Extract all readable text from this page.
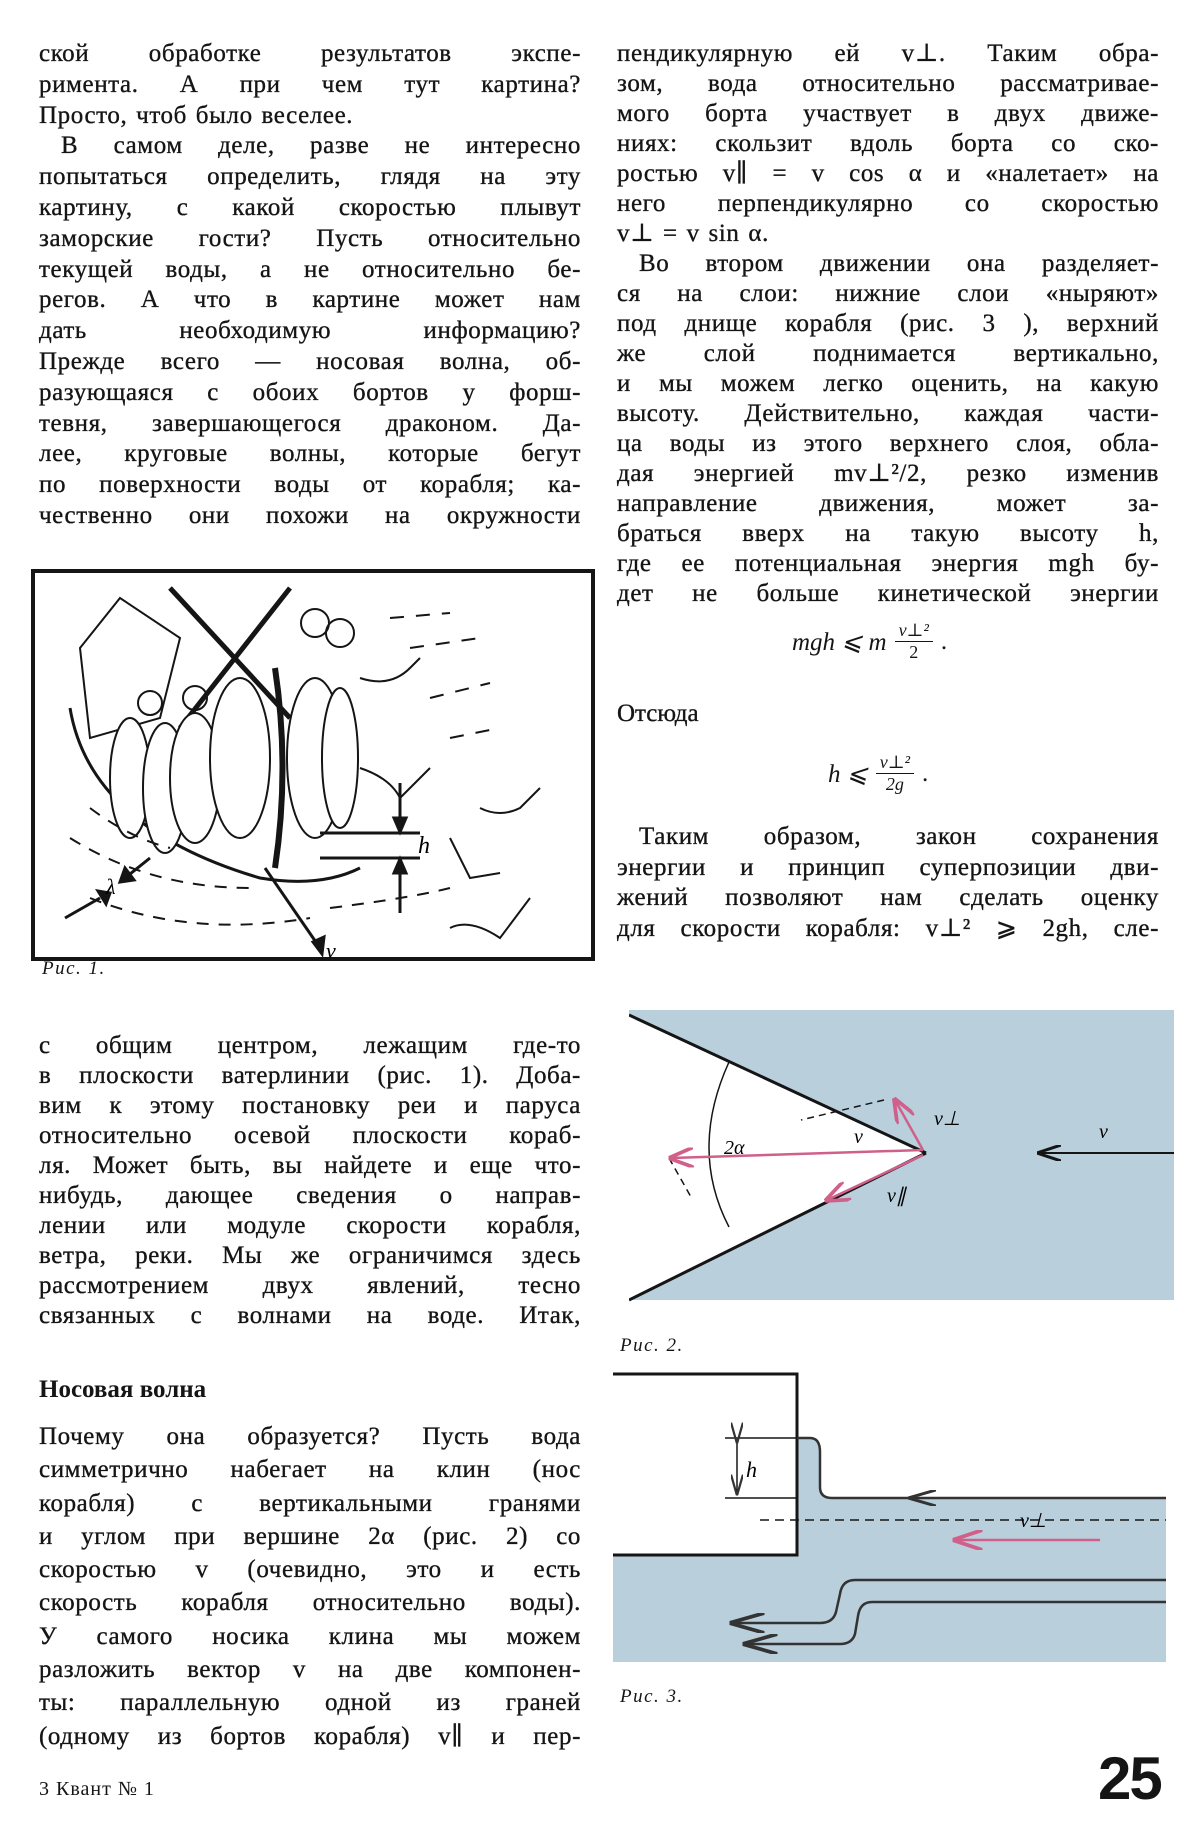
ской обработке результатов экспе-
римента. А при чем тут картина?
Просто, чтоб было веселее.
В самом деле, разве не интересно
попытаться определить, глядя на эту
картину, с какой скоростью плывут
заморские гости? Пусть относительно
текущей воды, а не относительно бе-
регов. А что в картине может нам
дать необходимую информацию?
Прежде всего — носовая волна, об-
разующаяся с обоих бортов у форш-
тевня, завершающегося драконом. Да-
лее, круговые волны, которые бегут
по поверхности воды от корабля; ка-
чественно они похожи на окружности
h
v
λ
Рис. 1.
с общим центром, лежащим где-то
в плоскости ватерлинии (рис. 1). Доба-
вим к этому постановку реи и паруса
относительно осевой плоскости кораб-
ля. Может быть, вы найдете и еще что-
нибудь, дающее сведения о направ-
лении или модуле скорости корабля,
ветра, реки. Мы же ограничимся здесь
рассмотрением двух явлений, тесно
связанных с волнами на воде. Итак,
Носовая волна
Почему она образуется? Пусть вода
симметрично набегает на клин (нос
корабля) с вертикальными гранями
и углом при вершине 2α (рис. 2) со
скоростью v (очевидно, это и есть
скорость корабля относительно воды).
У самого носика клина мы можем
разложить вектор v на две компонен-
ты: параллельную одной из граней
(одному из бортов корабля) v∥ и пер-
пендикулярную ей v⊥. Таким обра-
зом, вода относительно рассматривае-
мого борта участвует в двух движе-
ниях: скользит вдоль борта со ско-
ростью v∥ = v cos α и «налетает» на
него перпендикулярно со скоростью
v⊥ = v sin α.
Во втором движении она разделяет-
ся на слои: нижние слои «ныряют»
под днище корабля (рис. 3 ), верхний
же слой поднимается вертикально,
и мы можем легко оценить, на какую
высоту. Действительно, каждая части-
ца воды из этого верхнего слоя, обла-
дая энергией mv⊥²/2, резко изменив
направление движения, может за-
браться вверх на такую высоту h,
где ее потенциальная энергия mgh бу-
дет не больше кинетической энергии
mgh ⩽ m $\frac{\text{v⊥²}}{2}$ .
Отсюда
h ⩽ $\frac{\text{v⊥²}}{2g}$ .
Таким образом, закон сохранения
энергии и принцип суперпозиции дви-
жений позволяют нам сделать оценку
для скорости корабля: v⊥² ⩾ 2gh, сле-
2α	v
v⊥
v∥
v
Рис. 2.
h
v⊥
Рис. 3.
3 Квант № 1	25
